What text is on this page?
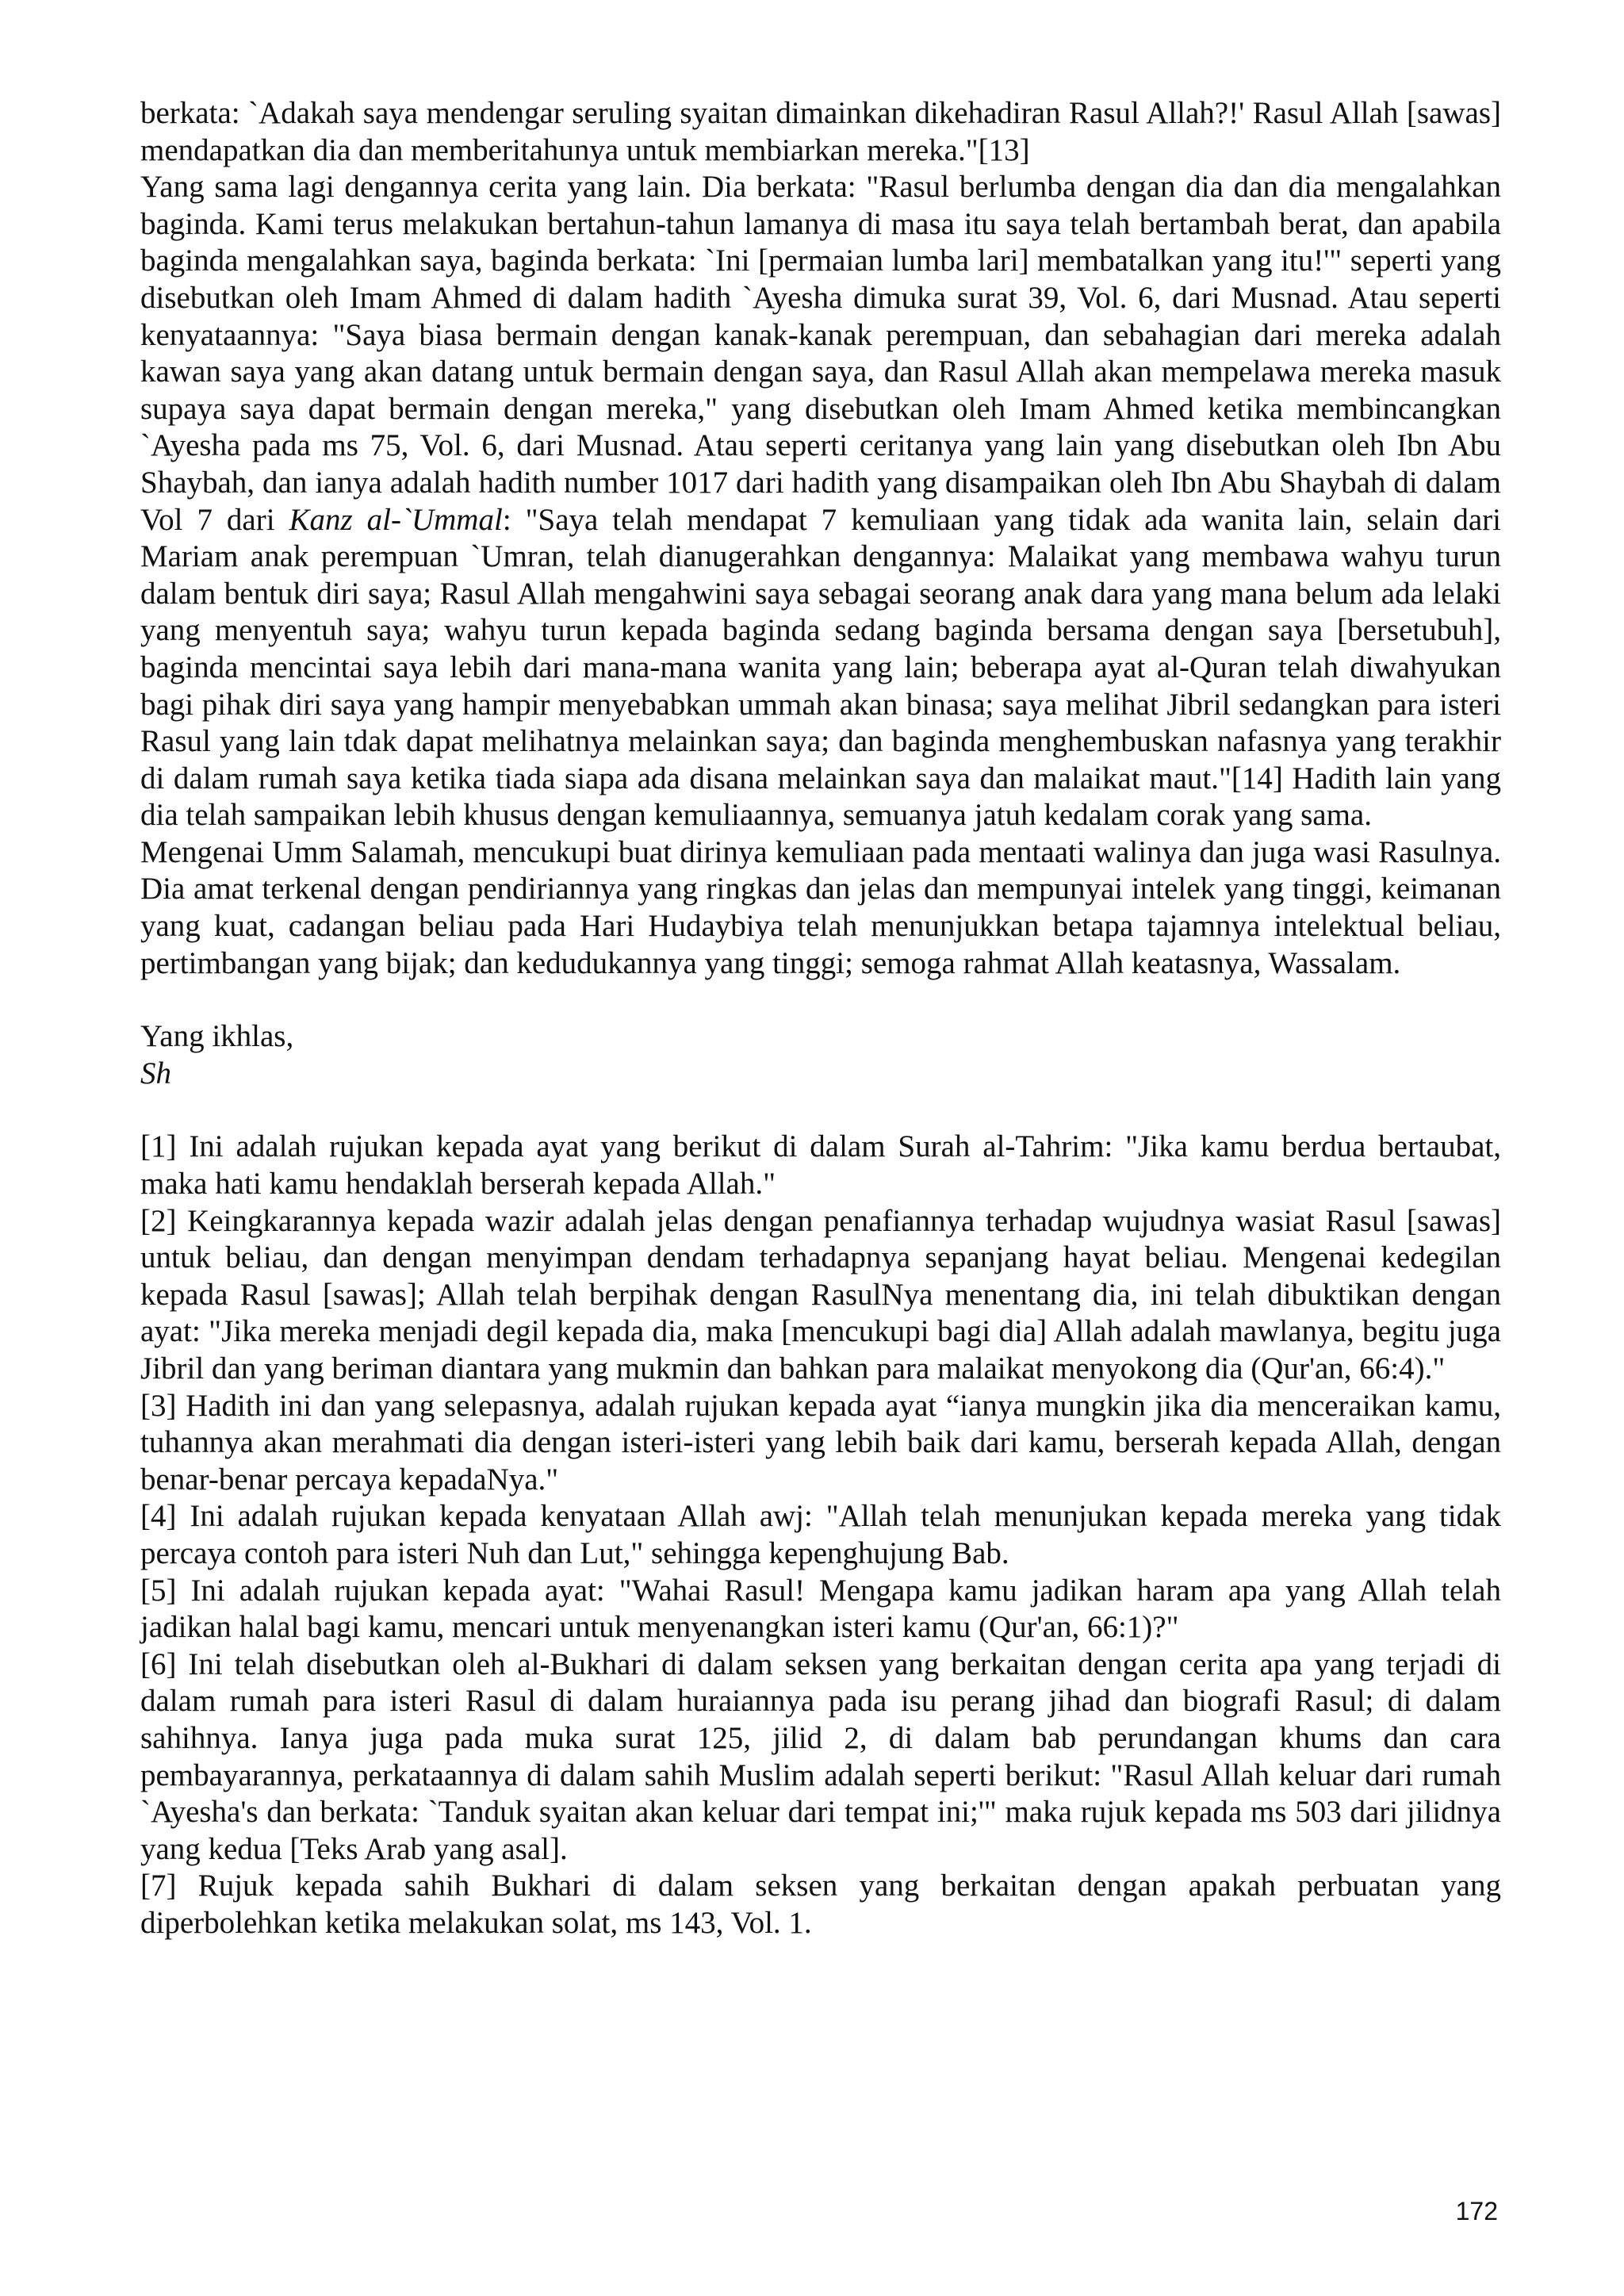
berkata: `Adakah saya mendengar seruling syaitan dimainkan dikehadiran Rasul Allah?!' Rasul Allah [sawas] mendapatkan dia dan memberitahunya untuk membiarkan mereka."[13]

Yang sama lagi dengannya cerita yang lain. Dia berkata: "Rasul berlumba dengan dia dan dia mengalahkan baginda. Kami terus melakukan bertahun-tahun lamanya di masa itu saya telah bertambah berat, dan apabila baginda mengalahkan saya, baginda berkata: `Ini [permaian lumba lari] membatalkan yang itu!'" seperti yang disebutkan oleh Imam Ahmed di dalam hadith `Ayesha dimuka surat 39, Vol. 6, dari Musnad. Atau seperti kenyataannya: "Saya biasa bermain dengan kanak-kanak perempuan, dan sebahagian dari mereka adalah kawan saya yang akan datang untuk bermain dengan saya, dan Rasul Allah akan mempelawa mereka masuk supaya saya dapat bermain dengan mereka," yang disebutkan oleh Imam Ahmed ketika membincangkan `Ayesha pada ms 75, Vol. 6, dari Musnad. Atau seperti ceritanya yang lain yang disebutkan oleh Ibn Abu Shaybah, dan ianya adalah hadith number 1017 dari hadith yang disampaikan oleh Ibn Abu Shaybah di dalam Vol 7 dari Kanz al-`Ummal: "Saya telah mendapat 7 kemuliaan yang tidak ada wanita lain, selain dari Mariam anak perempuan `Umran, telah dianugerahkan dengannya: Malaikat yang membawa wahyu turun dalam bentuk diri saya; Rasul Allah mengahwini saya sebagai seorang anak dara yang mana belum ada lelaki yang menyentuh saya; wahyu turun kepada baginda sedang baginda bersama dengan saya [bersetubuh], baginda mencintai saya lebih dari mana-mana wanita yang lain; beberapa ayat al-Quran telah diwahyukan bagi pihak diri saya yang hampir menyebabkan ummah akan binasa; saya melihat Jibril sedangkan para isteri Rasul yang lain tdak dapat melihatnya melainkan saya; dan baginda menghembuskan nafasnya yang terakhir di dalam rumah saya ketika tiada siapa ada disana melainkan saya dan malaikat maut."[14] Hadith lain yang dia telah sampaikan lebih khusus dengan kemuliaannya, semuanya jatuh kedalam corak yang sama.

Mengenai Umm Salamah, mencukupi buat dirinya kemuliaan pada mentaati walinya dan juga wasi Rasulnya. Dia amat terkenal dengan pendiriannya yang ringkas dan jelas dan mempunyai intelek yang tinggi, keimanan yang kuat, cadangan beliau pada Hari Hudaybiya telah menunjukkan betapa tajamnya intelektual beliau, pertimbangan yang bijak; dan kedudukannya yang tinggi; semoga rahmat Allah keatasnya, Wassalam.

Yang ikhlas,

Sh

[1] Ini adalah rujukan kepada ayat yang berikut di dalam Surah al-Tahrim: "Jika kamu berdua bertaubat, maka hati kamu hendaklah berserah kepada Allah."

[2] Keingkarannya kepada wazir adalah jelas dengan penafiannya terhadap wujudnya wasiat Rasul [sawas] untuk beliau, dan dengan menyimpan dendam terhadapnya sepanjang hayat beliau. Mengenai kedegilan kepada Rasul [sawas]; Allah telah berpihak dengan RasulNya menentang dia, ini telah dibuktikan dengan ayat: "Jika mereka menjadi degil kepada dia, maka [mencukupi bagi dia] Allah adalah mawlanya, begitu juga Jibril dan yang beriman diantara yang mukmin dan bahkan para malaikat menyokong dia (Qur'an, 66:4)."

[3] Hadith ini dan yang selepasnya, adalah rujukan kepada ayat “ianya mungkin jika dia menceraikan kamu, tuhannya akan merahmati dia dengan isteri-isteri yang lebih baik dari kamu, berserah kepada Allah, dengan benar-benar percaya kepadaNya."

[4] Ini adalah rujukan kepada kenyataan Allah awj: "Allah telah menunjukan kepada mereka yang tidak percaya contoh para isteri Nuh dan Lut," sehingga kepenghujung Bab.

[5] Ini adalah rujukan kepada ayat: "Wahai Rasul! Mengapa kamu jadikan haram apa yang Allah telah jadikan halal bagi kamu, mencari untuk menyenangkan isteri kamu (Qur'an, 66:1)?"

[6] Ini telah disebutkan oleh al-Bukhari di dalam seksen yang berkaitan dengan cerita apa yang terjadi di dalam rumah para isteri Rasul di dalam huraiannya pada isu perang jihad dan biografi Rasul; di dalam sahihnya. Ianya juga pada muka surat 125, jilid 2, di dalam bab perundangan khums dan cara pembayarannya, perkataannya di dalam sahih Muslim adalah seperti berikut: "Rasul Allah keluar dari rumah `Ayesha's dan berkata: `Tanduk syaitan akan keluar dari tempat ini;'" maka rujuk kepada ms 503 dari jilidnya yang kedua [Teks Arab yang asal].

[7] Rujuk kepada sahih Bukhari di dalam seksen yang berkaitan dengan apakah perbuatan yang diperbolehkan ketika melakukan solat, ms 143, Vol. 1.

172
